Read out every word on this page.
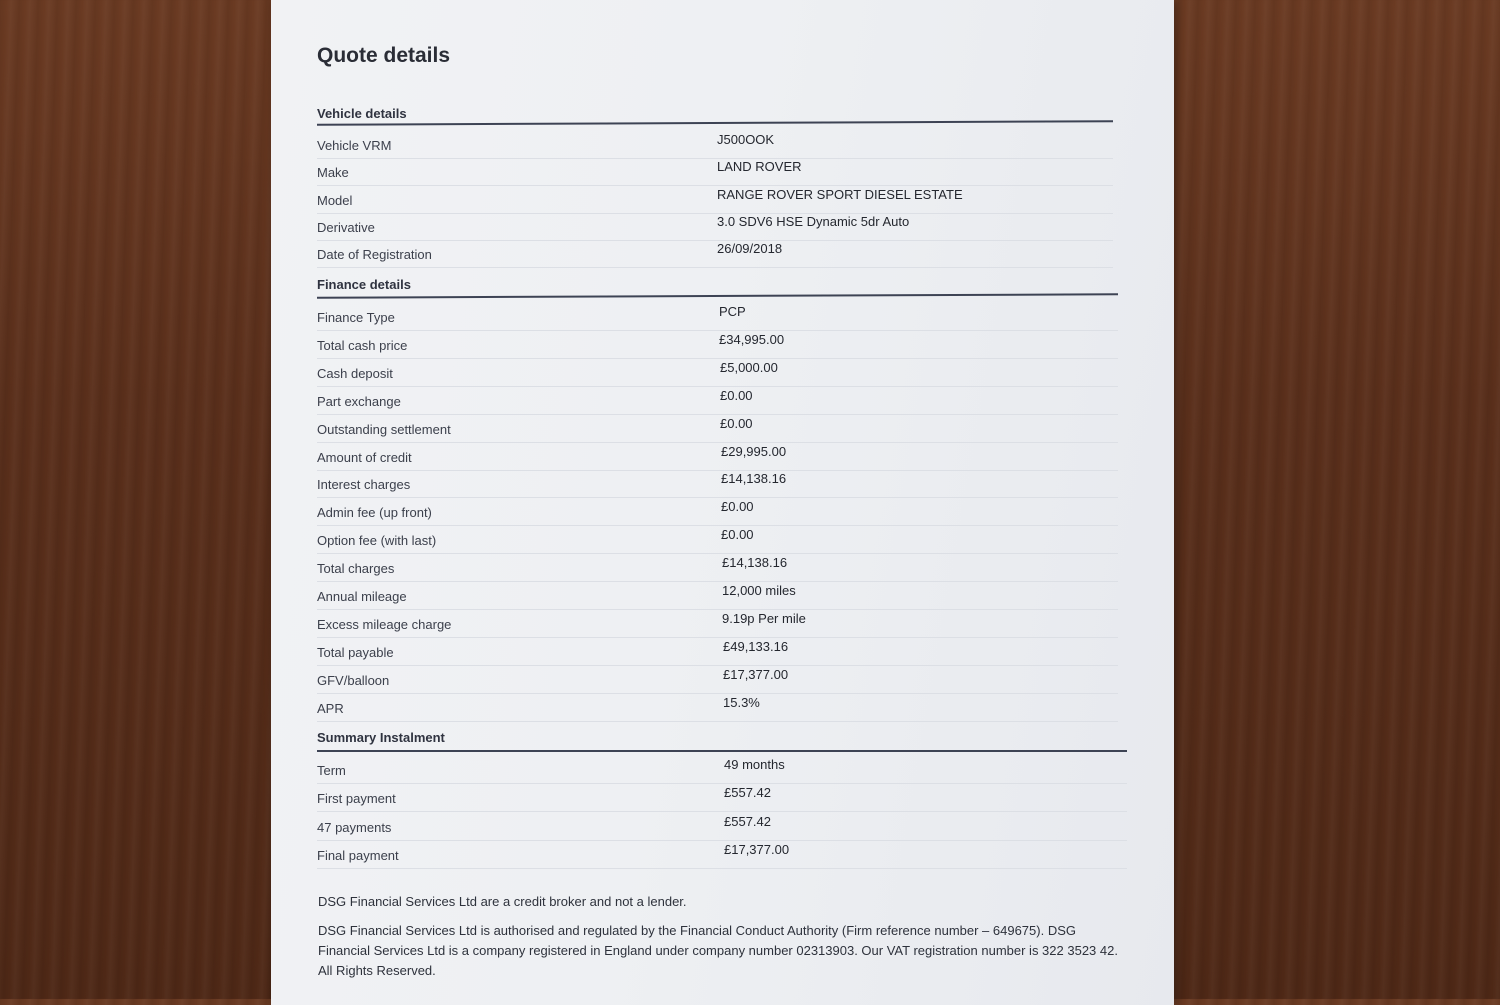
Quote details
Vehicle details
Vehicle VRM	J500OOK
Make	LAND ROVER
Model	RANGE ROVER SPORT DIESEL ESTATE
Derivative	3.0 SDV6 HSE Dynamic 5dr Auto
Date of Registration	26/09/2018
Finance details
Finance Type	PCP
Total cash price	£34,995.00
Cash deposit	£5,000.00
Part exchange	£0.00
Outstanding settlement	£0.00
Amount of credit	£29,995.00
Interest charges	£14,138.16
Admin fee (up front)	£0.00
Option fee (with last)	£0.00
Total charges	£14,138.16
Annual mileage	12,000 miles
Excess mileage charge	9.19p Per mile
Total payable	£49,133.16
GFV/balloon	£17,377.00
APR	15.3%
Summary Instalment
Term	49 months
First payment	£557.42
47 payments	£557.42
Final payment	£17,377.00
DSG Financial Services Ltd are a credit broker and not a lender.
DSG Financial Services Ltd is authorised and regulated by the Financial Conduct Authority (Firm reference number – 649675). DSG Financial Services Ltd is a company registered in England under company number 02313903. Our VAT registration number is 322 3523 42. All Rights Reserved.
